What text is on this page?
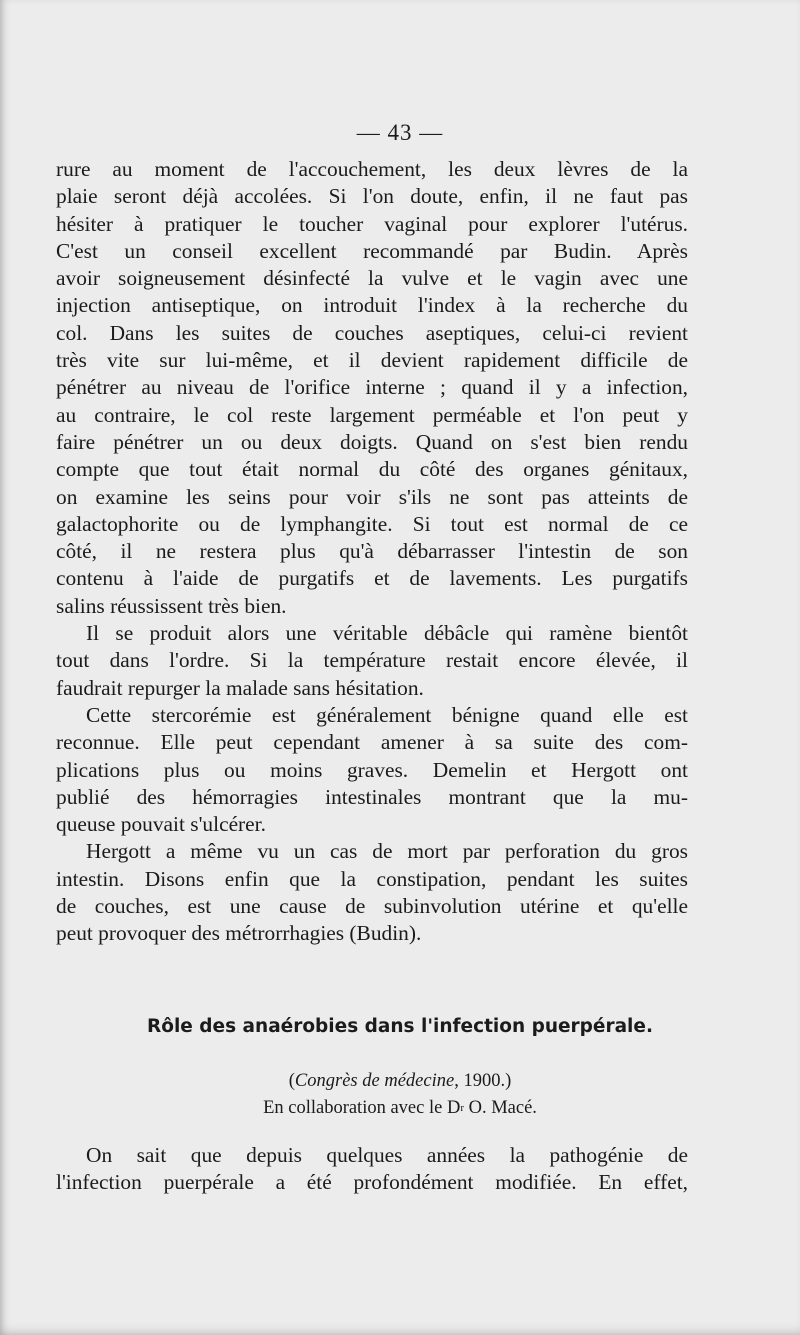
— 43 —

rure au moment de l'accouchement, les deux lèvres de la

plaie seront déjà accolées. Si l'on doute, enfin, il ne faut pas

hésiter à pratiquer le toucher vaginal pour explorer l'utérus.

C'est un conseil excellent recommandé par Budin. Après

avoir soigneusement désinfecté la vulve et le vagin avec une

injection antiseptique, on introduit l'index à la recherche du

col. Dans les suites de couches aseptiques, celui-ci revient

très vite sur lui-même, et il devient rapidement difficile de

pénétrer au niveau de l'orifice interne ; quand il y a infection,

au contraire, le col reste largement perméable et l'on peut y

faire pénétrer un ou deux doigts. Quand on s'est bien rendu

compte que tout était normal du côté des organes génitaux,

on examine les seins pour voir s'ils ne sont pas atteints de

galactophorite ou de lymphangite. Si tout est normal de ce

côté, il ne restera plus qu'à débarrasser l'intestin de son

contenu à l'aide de purgatifs et de lavements. Les purgatifs

salins réussissent très bien.

Il se produit alors une véritable débâcle qui ramène bientôt

tout dans l'ordre. Si la température restait encore élevée, il

faudrait repurger la malade sans hésitation.

Cette stercorémie est généralement bénigne quand elle est

reconnue. Elle peut cependant amener à sa suite des com-

plications plus ou moins graves. Demelin et Hergott ont

publié des hémorragies intestinales montrant que la mu-

queuse pouvait s'ulcérer.

Hergott a même vu un cas de mort par perforation du gros

intestin. Disons enfin que la constipation, pendant les suites

de couches, est une cause de subinvolution utérine et qu'elle

peut provoquer des métrorrhagies (Budin).

Rôle des anaérobies dans l'infection puerpérale.
(Congrès de médecine, 1900.)
En collaboration avec le $D^r$ O. Macé.

On sait que depuis quelques années la pathogénie de

l'infection puerpérale a été profondément modifiée. En effet,
